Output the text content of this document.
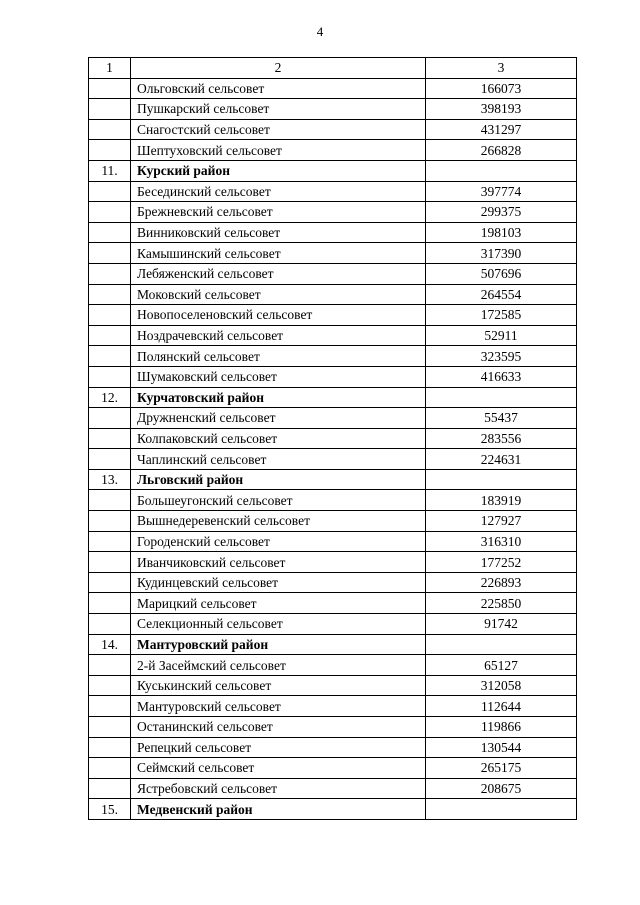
4
1	2	3
	Ольговский сельсовет	166073
	Пушкарский сельсовет	398193
	Снагостский сельсовет	431297
	Шептуховский сельсовет	266828
11.	Курский район	
	Бесединский сельсовет	397774
	Брежневский сельсовет	299375
	Винниковский сельсовет	198103
	Камышинский сельсовет	317390
	Лебяженский сельсовет	507696
	Моковский сельсовет	264554
	Новопоселеновский сельсовет	172585
	Ноздрачевский сельсовет	52911
	Полянский сельсовет	323595
	Шумаковский сельсовет	416633
12.	Курчатовский район	
	Дружненский сельсовет	55437
	Колпаковский сельсовет	283556
	Чаплинский сельсовет	224631
13.	Льговский район	
	Большеугонский сельсовет	183919
	Вышнедеревенский сельсовет	127927
	Городенский сельсовет	316310
	Иванчиковский сельсовет	177252
	Кудинцевский сельсовет	226893
	Марицкий сельсовет	225850
	Селекционный сельсовет	91742
14.	Мантуровский район	
	2-й Засеймский сельсовет	65127
	Куськинский сельсовет	312058
	Мантуровский сельсовет	112644
	Останинский сельсовет	119866
	Репецкий сельсовет	130544
	Сеймский сельсовет	265175
	Ястребовский сельсовет	208675
15.	Медвенский район	
